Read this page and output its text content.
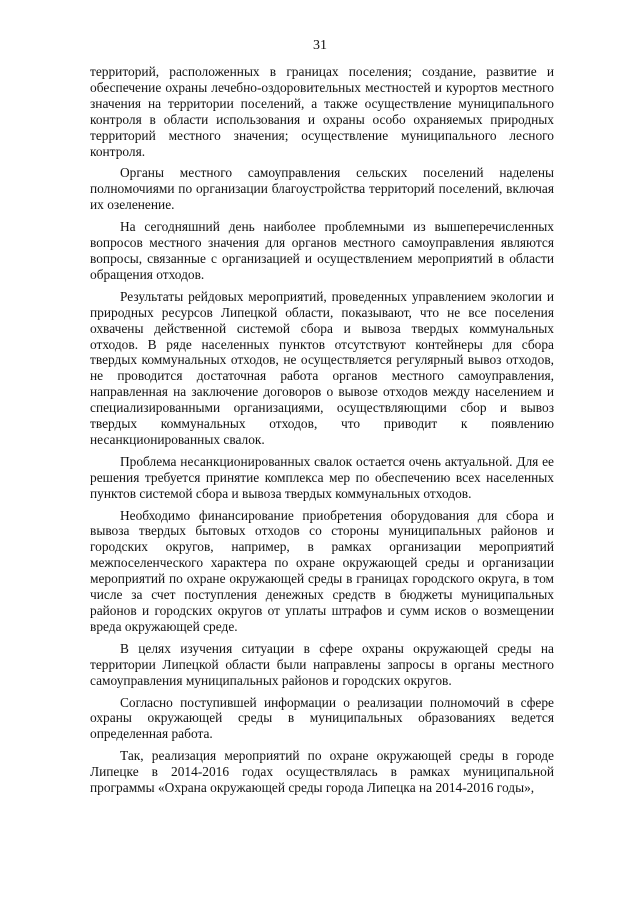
31

территорий, расположенных в границах поселения; создание, развитие и обеспечение охраны лечебно-оздоровительных местностей и курортов местного значения на территории поселений, а также осуществление муниципального контроля в области использования и охраны особо охраняемых природных территорий местного значения; осуществление муниципального лесного контроля.

Органы местного самоуправления сельских поселений наделены полномочиями по организации благоустройства территорий поселений, включая их озеленение.

На сегодняшний день наиболее проблемными из вышеперечисленных вопросов местного значения для органов местного самоуправления являются вопросы, связанные с организацией и осуществлением мероприятий в области обращения отходов.

Результаты рейдовых мероприятий, проведенных управлением экологии и природных ресурсов Липецкой области, показывают, что не все поселения охвачены действенной системой сбора и вывоза твердых коммунальных отходов. В ряде населенных пунктов отсутствуют контейнеры для сбора твердых коммунальных отходов, не осуществляется регулярный вывоз отходов, не проводится достаточная работа органов местного самоуправления, направленная на заключение договоров о вывозе отходов между населением и специализированными организациями, осуществляющими сбор и вывоз твердых коммунальных отходов, что приводит к появлению несанкционированных свалок.

Проблема несанкционированных свалок остается очень актуальной. Для ее решения требуется принятие комплекса мер по обеспечению всех населенных пунктов системой сбора и вывоза твердых коммунальных отходов.

Необходимо финансирование приобретения оборудования для сбора и вывоза твердых бытовых отходов со стороны муниципальных районов и городских округов, например, в рамках организации мероприятий межпоселенческого характера по охране окружающей среды и организации мероприятий по охране окружающей среды в границах городского округа, в том числе за счет поступления денежных средств в бюджеты муниципальных районов и городских округов от уплаты штрафов и сумм исков о возмещении вреда окружающей среде.

В целях изучения ситуации в сфере охраны окружающей среды на территории Липецкой области были направлены запросы в органы местного самоуправления муниципальных районов и городских округов.

Согласно поступившей информации о реализации полномочий в сфере охраны окружающей среды в муниципальных образованиях ведется определенная работа.

Так, реализация мероприятий по охране окружающей среды в городе Липецке в 2014-2016 годах осуществлялась в рамках муниципальной программы «Охрана окружающей среды города Липецка на 2014-2016 годы»,
